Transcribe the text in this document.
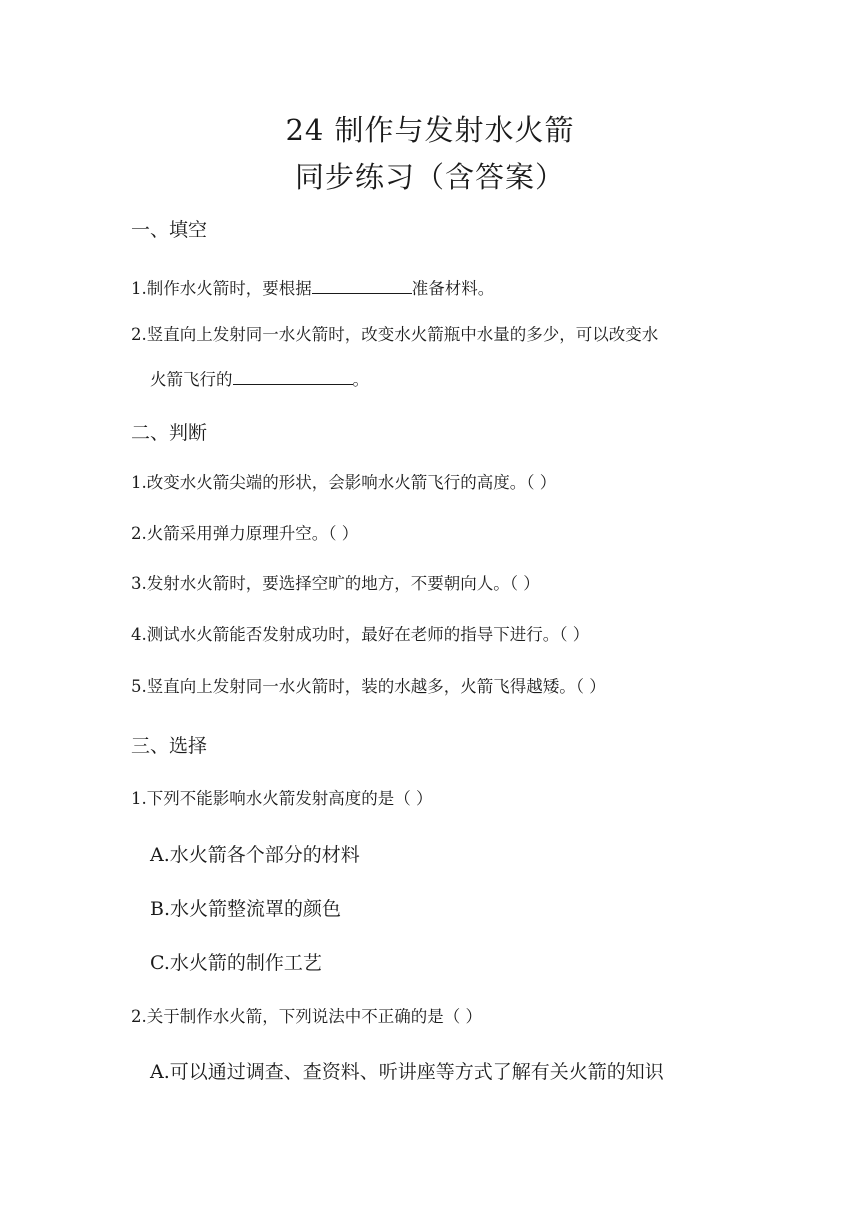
24 制作与发射水火箭
同步练习（含答案）
一、填空
1.制作水火箭时，要根据	准备材料。
2.竖直向上发射同一水火箭时，改变水火箭瓶中水量的多少，可以改变水
火箭飞行的	。
二、判断
1.改变水火箭尖端的形状，会影响水火箭飞行的高度。（ ）
2.火箭采用弹力原理升空。（ ）
3.发射水火箭时，要选择空旷的地方，不要朝向人。（ ）
4.测试水火箭能否发射成功时，最好在老师的指导下进行。（ ）
5.竖直向上发射同一水火箭时，装的水越多，火箭飞得越矮。（ ）
三、选择
1.下列不能影响水火箭发射高度的是（ ）
A.水火箭各个部分的材料
B.水火箭整流罩的颜色
C.水火箭的制作工艺
2.关于制作水火箭，下列说法中不正确的是（ ）
A.可以通过调查、查资料、听讲座等方式了解有关火箭的知识
